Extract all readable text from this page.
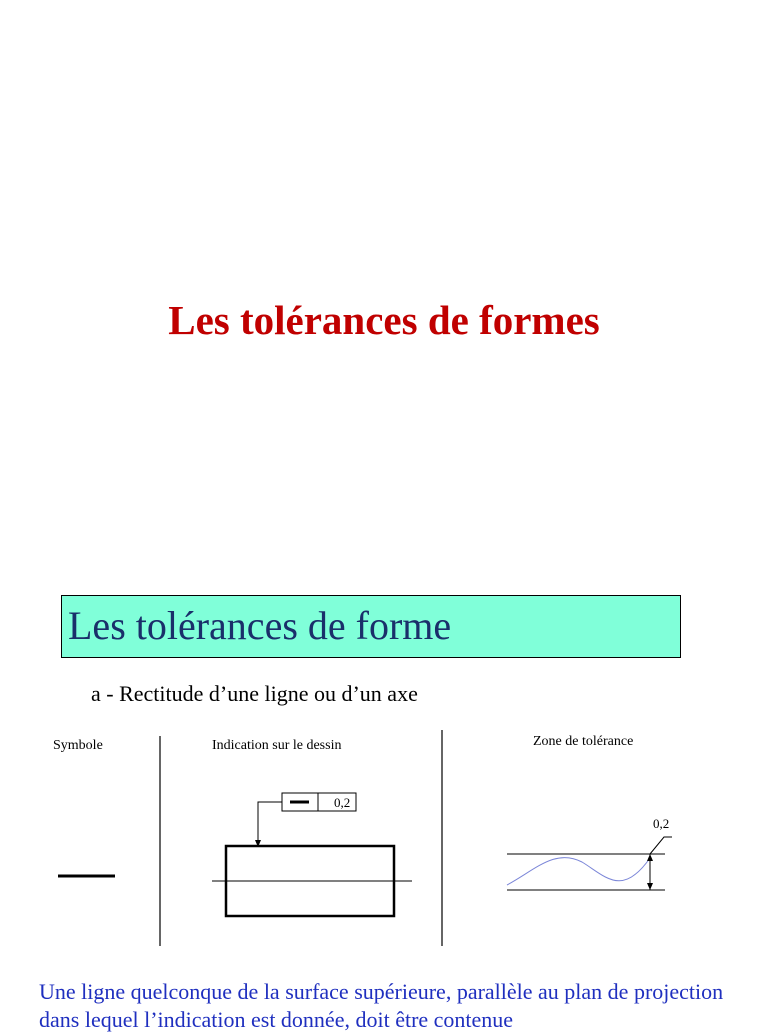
Les tolérances de formes
Les tolérances de forme
a - Rectitude d’une ligne ou d’un axe
Symbole	Indication sur le dessin	Zone de tolérance
0,2
0,2
Une ligne quelconque de la surface supérieure, parallèle au plan de projection dans lequel l’indication est donnée, doit être contenue
